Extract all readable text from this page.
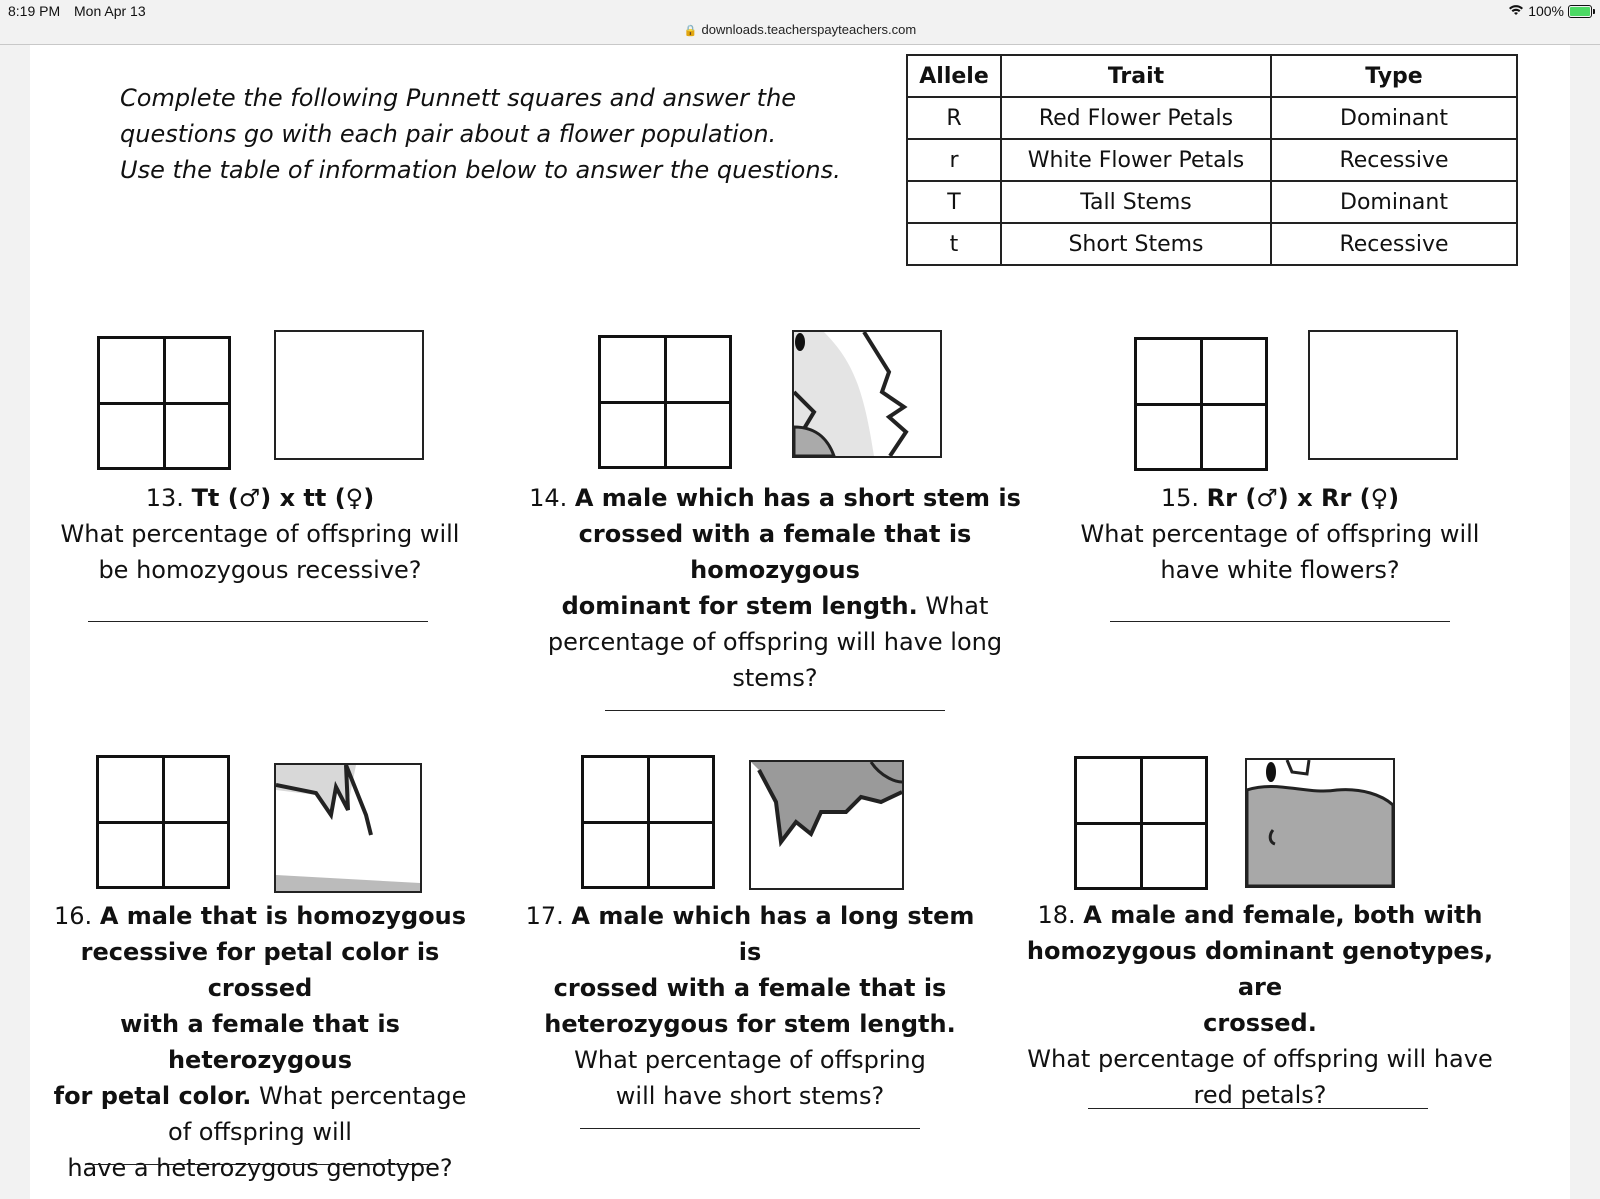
8:19 PM Mon Apr 13	100%
🔒 downloads.teacherspayteachers.com
Complete the following Punnett squares and answer the
questions go with each pair about a flower population.
Use the table of information below to answer the questions.
Allele	Trait	Type
R	Red Flower Petals	Dominant
r	White Flower Petals	Recessive
T	Tall Stems	Dominant
t	Short Stems	Recessive
13. Tt (♂) x tt (♀)
What percentage of offspring will
be homozygous recessive?
14. A male which has a short stem is
crossed with a female that is homozygous
dominant for stem length. What
percentage of offspring will have long
stems?
15. Rr (♂) x Rr (♀)
What percentage of offspring will
have white flowers?
16. A male that is homozygous
recessive for petal color is crossed
with a female that is heterozygous
for petal color. What percentage
of offspring will
have a heterozygous genotype?
17. A male which has a long stem is
crossed with a female that is
heterozygous for stem length.
What percentage of offspring
will have short stems?
18. A male and female, both with
homozygous dominant genotypes, are
crossed.
What percentage of offspring will have
red petals?
